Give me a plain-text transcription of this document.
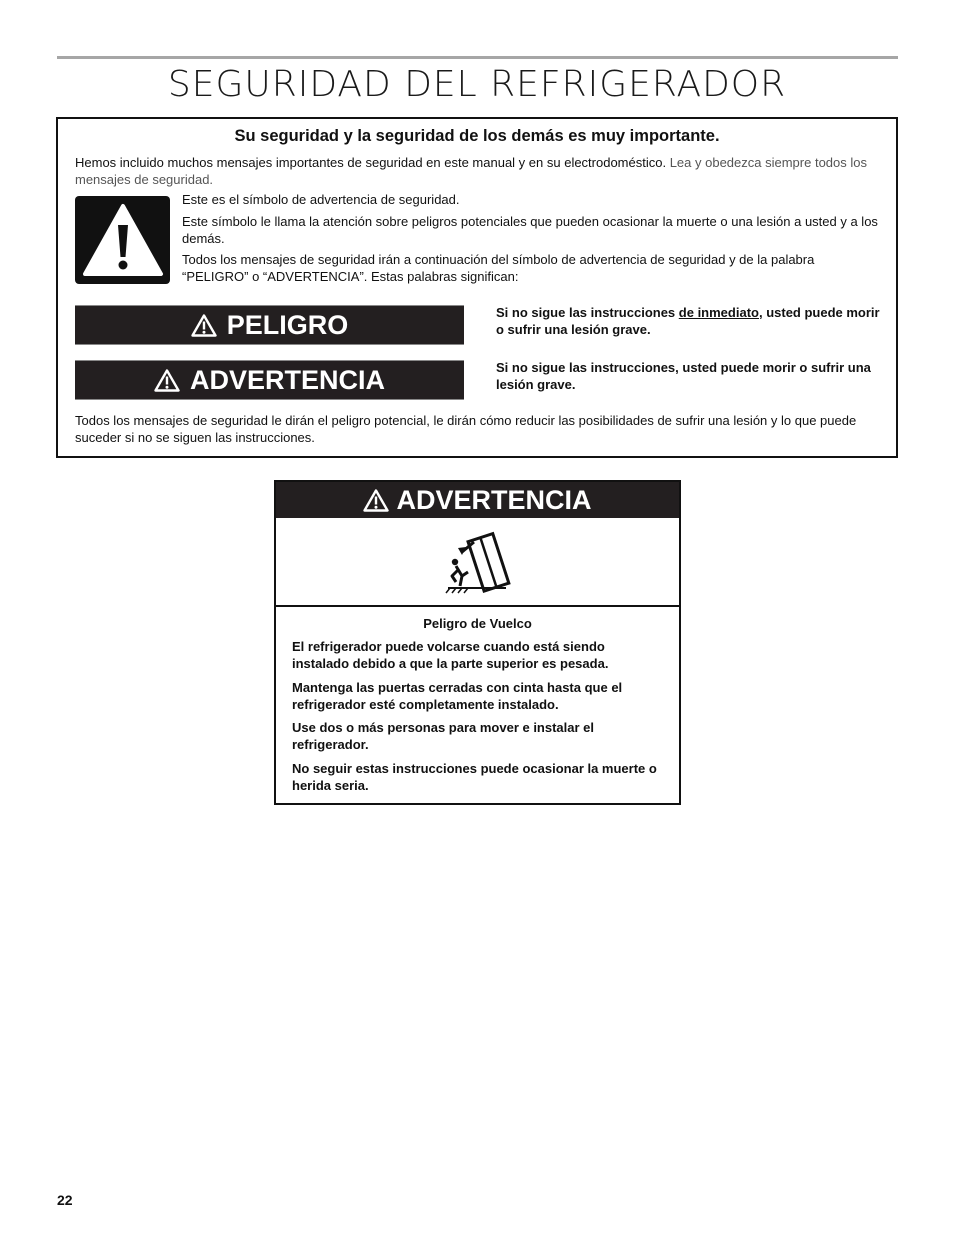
SEGURIDAD DEL REFRIGERADOR

Su seguridad y la seguridad de los demás es muy importante.

Hemos incluido muchos mensajes importantes de seguridad en este manual y en su electrodoméstico. Lea y obedezca siempre todos los mensajes de seguridad.

Este es el símbolo de advertencia de seguridad.

Este símbolo le llama la atención sobre peligros potenciales que pueden ocasionar la muerte o una lesión a usted y a los demás.

Todos los mensajes de seguridad irán a continuación del símbolo de advertencia de seguridad y de la palabra “PELIGRO” o “ADVERTENCIA”. Estas palabras significan:

PELIGRO
ADVERTENCIA

Si no sigue las instrucciones de inmediato, usted puede morir o sufrir una lesión grave.

Si no sigue las instrucciones, usted puede morir o sufrir una lesión grave.

Todos los mensajes de seguridad le dirán el peligro potencial, le dirán cómo reducir las posibilidades de sufrir una lesión y lo que puede suceder si no se siguen las instrucciones.

ADVERTENCIA

Peligro de Vuelco

El refrigerador puede volcarse cuando está siendo instalado debido a que la parte superior es pesada.

Mantenga las puertas cerradas con cinta hasta que el refrigerador esté completamente instalado.

Use dos o más personas para mover e instalar el refrigerador.

No seguir estas instrucciones puede ocasionar la muerte o herida seria.

22
